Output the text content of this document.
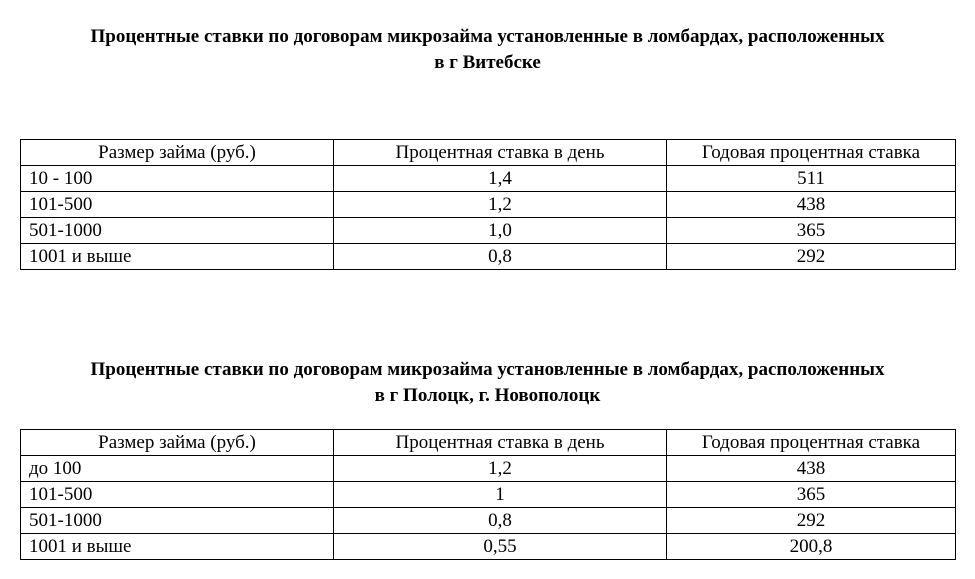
Процентные ставки по договорам микрозайма установленные в ломбардах, расположенных
в г Витебске
Размер займа (руб.)	Процентная ставка в день	Годовая процентная ставка
10 - 100	1,4	511
101-500	1,2	438
501-1000	1,0	365
1001 и выше	0,8	292
Процентные ставки по договорам микрозайма установленные в ломбардах, расположенных
в г Полоцк, г. Новополоцк
Размер займа (руб.)	Процентная ставка в день	Годовая процентная ставка
до 100	1,2	438
101-500	1	365
501-1000	0,8	292
1001 и выше	0,55	200,8
